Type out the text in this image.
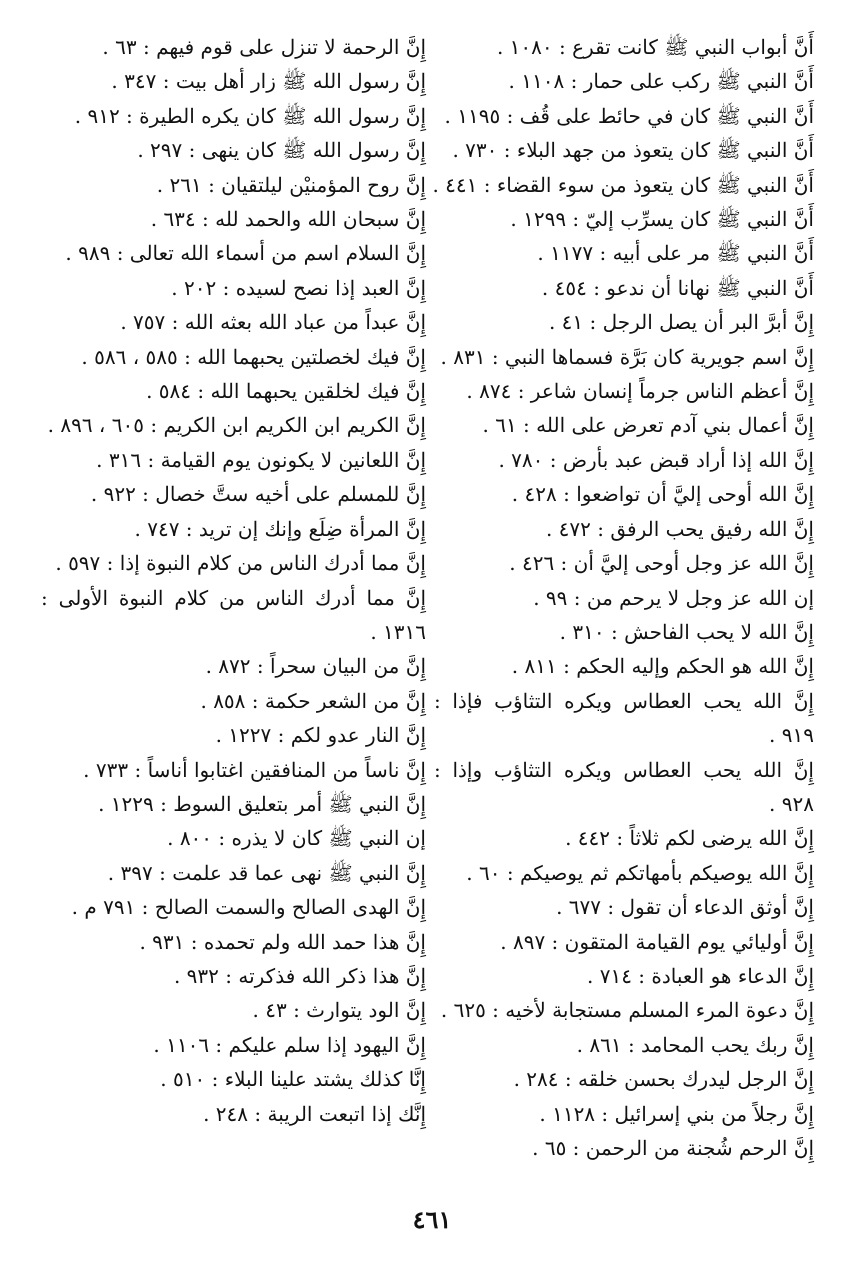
أَنَّ أبواب النبي ﷺ كانت تقرع : ١٠٨٠ .
أَنَّ النبي ﷺ ركب على حمار : ١١٠٨ .
أَنَّ النبي ﷺ كان في حائط على قُف : ١١٩٥ .
أَنَّ النبي ﷺ كان يتعوذ من جهد البلاء : ٧٣٠ .
أَنَّ النبي ﷺ كان يتعوذ من سوء القضاء : ٤٤١ .
أَنَّ النبي ﷺ كان يسرِّب إليّ : ١٢٩٩ .
أَنَّ النبي ﷺ مر على أبيه : ١١٧٧ .
أَنَّ النبي ﷺ نهانا أن ندعو : ٤٥٤ .
إِنَّ أبرَّ البر أن يصل الرجل : ٤١ .
إِنَّ اسم جويرية كان بَرَّة فسماها النبي : ٨٣١ .
إِنَّ أعظم الناس جرماً إنسان شاعر : ٨٧٤ .
إِنَّ أعمال بني آدم تعرض على الله : ٦١ .
إِنَّ الله إذا أراد قبض عبد بأرض : ٧٨٠ .
إِنَّ الله أوحى إليَّ أن تواضعوا : ٤٢٨ .
إِنَّ الله رفيق يحب الرفق : ٤٧٢ .
إِنَّ الله عز وجل أوحى إليَّ أن : ٤٢٦ .
إن الله عز وجل لا يرحم من : ٩٩ .
إِنَّ الله لا يحب الفاحش : ٣١٠ .
إِنَّ الله هو الحكم وإليه الحكم : ٨١١ .
إِنَّ الله يحب العطاس ويكره التثاؤب فإذا : ٩١٩ .
إِنَّ الله يحب العطاس ويكره التثاؤب وإذا : ٩٢٨ .
إِنَّ الله يرضى لكم ثلاثاً : ٤٤٢ .
إِنَّ الله يوصيكم بأمهاتكم ثم يوصيكم : ٦٠ .
إِنَّ أوثق الدعاء أن تقول : ٦٧٧ .
إِنَّ أوليائي يوم القيامة المتقون : ٨٩٧ .
إِنَّ الدعاء هو العبادة : ٧١٤ .
إِنَّ دعوة المرء المسلم مستجابة لأخيه : ٦٢٥ .
إِنَّ ربك يحب المحامد : ٨٦١ .
إِنَّ الرجل ليدرك بحسن خلقه : ٢٨٤ .
إِنَّ رجلاً من بني إسرائيل : ١١٢٨ .
إِنَّ الرحم شُجنة من الرحمن : ٦٥ .
إِنَّ الرحمة لا تنزل على قوم فيهم : ٦٣ .
إِنَّ رسول الله ﷺ زار أهل بيت : ٣٤٧ .
إِنَّ رسول الله ﷺ كان يكره الطيرة : ٩١٢ .
إِنَّ رسول الله ﷺ كان ينهى : ٢٩٧ .
إِنَّ روح المؤمنيْن ليلتقيان : ٢٦١ .
إِنَّ سبحان الله والحمد لله : ٦٣٤ .
إِنَّ السلام اسم من أسماء الله تعالى : ٩٨٩ .
إِنَّ العبد إذا نصح لسيده : ٢٠٢ .
إِنَّ عبداً من عباد الله بعثه الله : ٧٥٧ .
إِنَّ فيك لخصلتين يحبهما الله : ٥٨٥ ، ٥٨٦ .
إِنَّ فيك لخلقين يحبهما الله : ٥٨٤ .
إِنَّ الكريم ابن الكريم ابن الكريم : ٦٠٥ ، ٨٩٦ .
إِنَّ اللعانين لا يكونون يوم القيامة : ٣١٦ .
إِنَّ للمسلم على أخيه ستَّ خصال : ٩٢٢ .
إِنَّ المرأة ضِلَع وإنك إن تريد : ٧٤٧ .
إِنَّ مما أدرك الناس من كلام النبوة إذا : ٥٩٧ .
إِنَّ مما أدرك الناس من كلام النبوة الأولى : ١٣١٦ .
إِنَّ من البيان سحراً : ٨٧٢ .
إِنَّ من الشعر حكمة : ٨٥٨ .
إِنَّ النار عدو لكم : ١٢٢٧ .
إِنَّ ناساً من المنافقين اغتابوا أناساً : ٧٣٣ .
إِنَّ النبي ﷺ أمر بتعليق السوط : ١٢٢٩ .
إن النبي ﷺ كان لا يذره : ٨٠٠ .
إِنَّ النبي ﷺ نهى عما قد علمت : ٣٩٧ .
إِنَّ الهدى الصالح والسمت الصالح : ٧٩١ م .
إِنَّ هذا حمد الله ولم تحمده : ٩٣١ .
إِنَّ هذا ذكر الله فذكرته : ٩٣٢ .
إِنَّ الود يتوارث : ٤٣ .
إِنَّ اليهود إذا سلم عليكم : ١١٠٦ .
إِنَّا كذلك يشتد علينا البلاء : ٥١٠ .
إِنَّك إذا اتبعت الريبة : ٢٤٨ .
٤٦١
